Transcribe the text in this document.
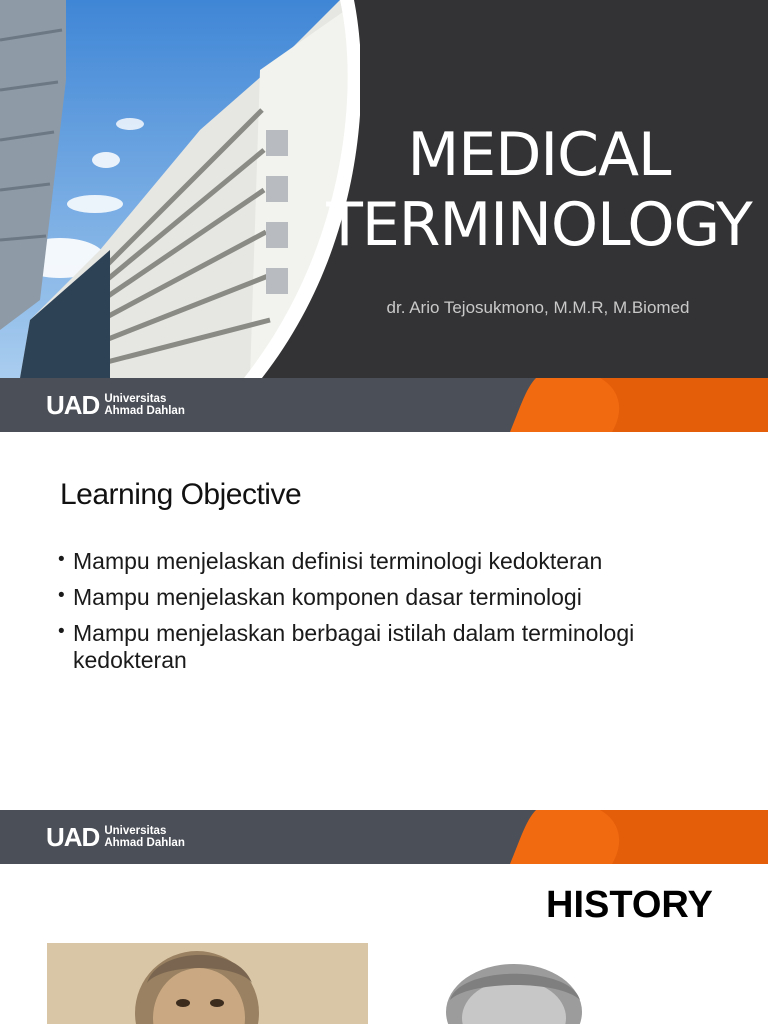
MEDICAL
TERMINOLOGY
dr. Ario Tejosukmono, M.M.R, M.Biomed
UAD Universitas
Ahmad Dahlan
Learning Objective
• Mampu menjelaskan definisi terminologi kedokteran
• Mampu menjelaskan komponen dasar terminologi
• Mampu menjelaskan berbagai istilah dalam terminologi kedokteran
UAD Universitas
Ahmad Dahlan
HISTORY
